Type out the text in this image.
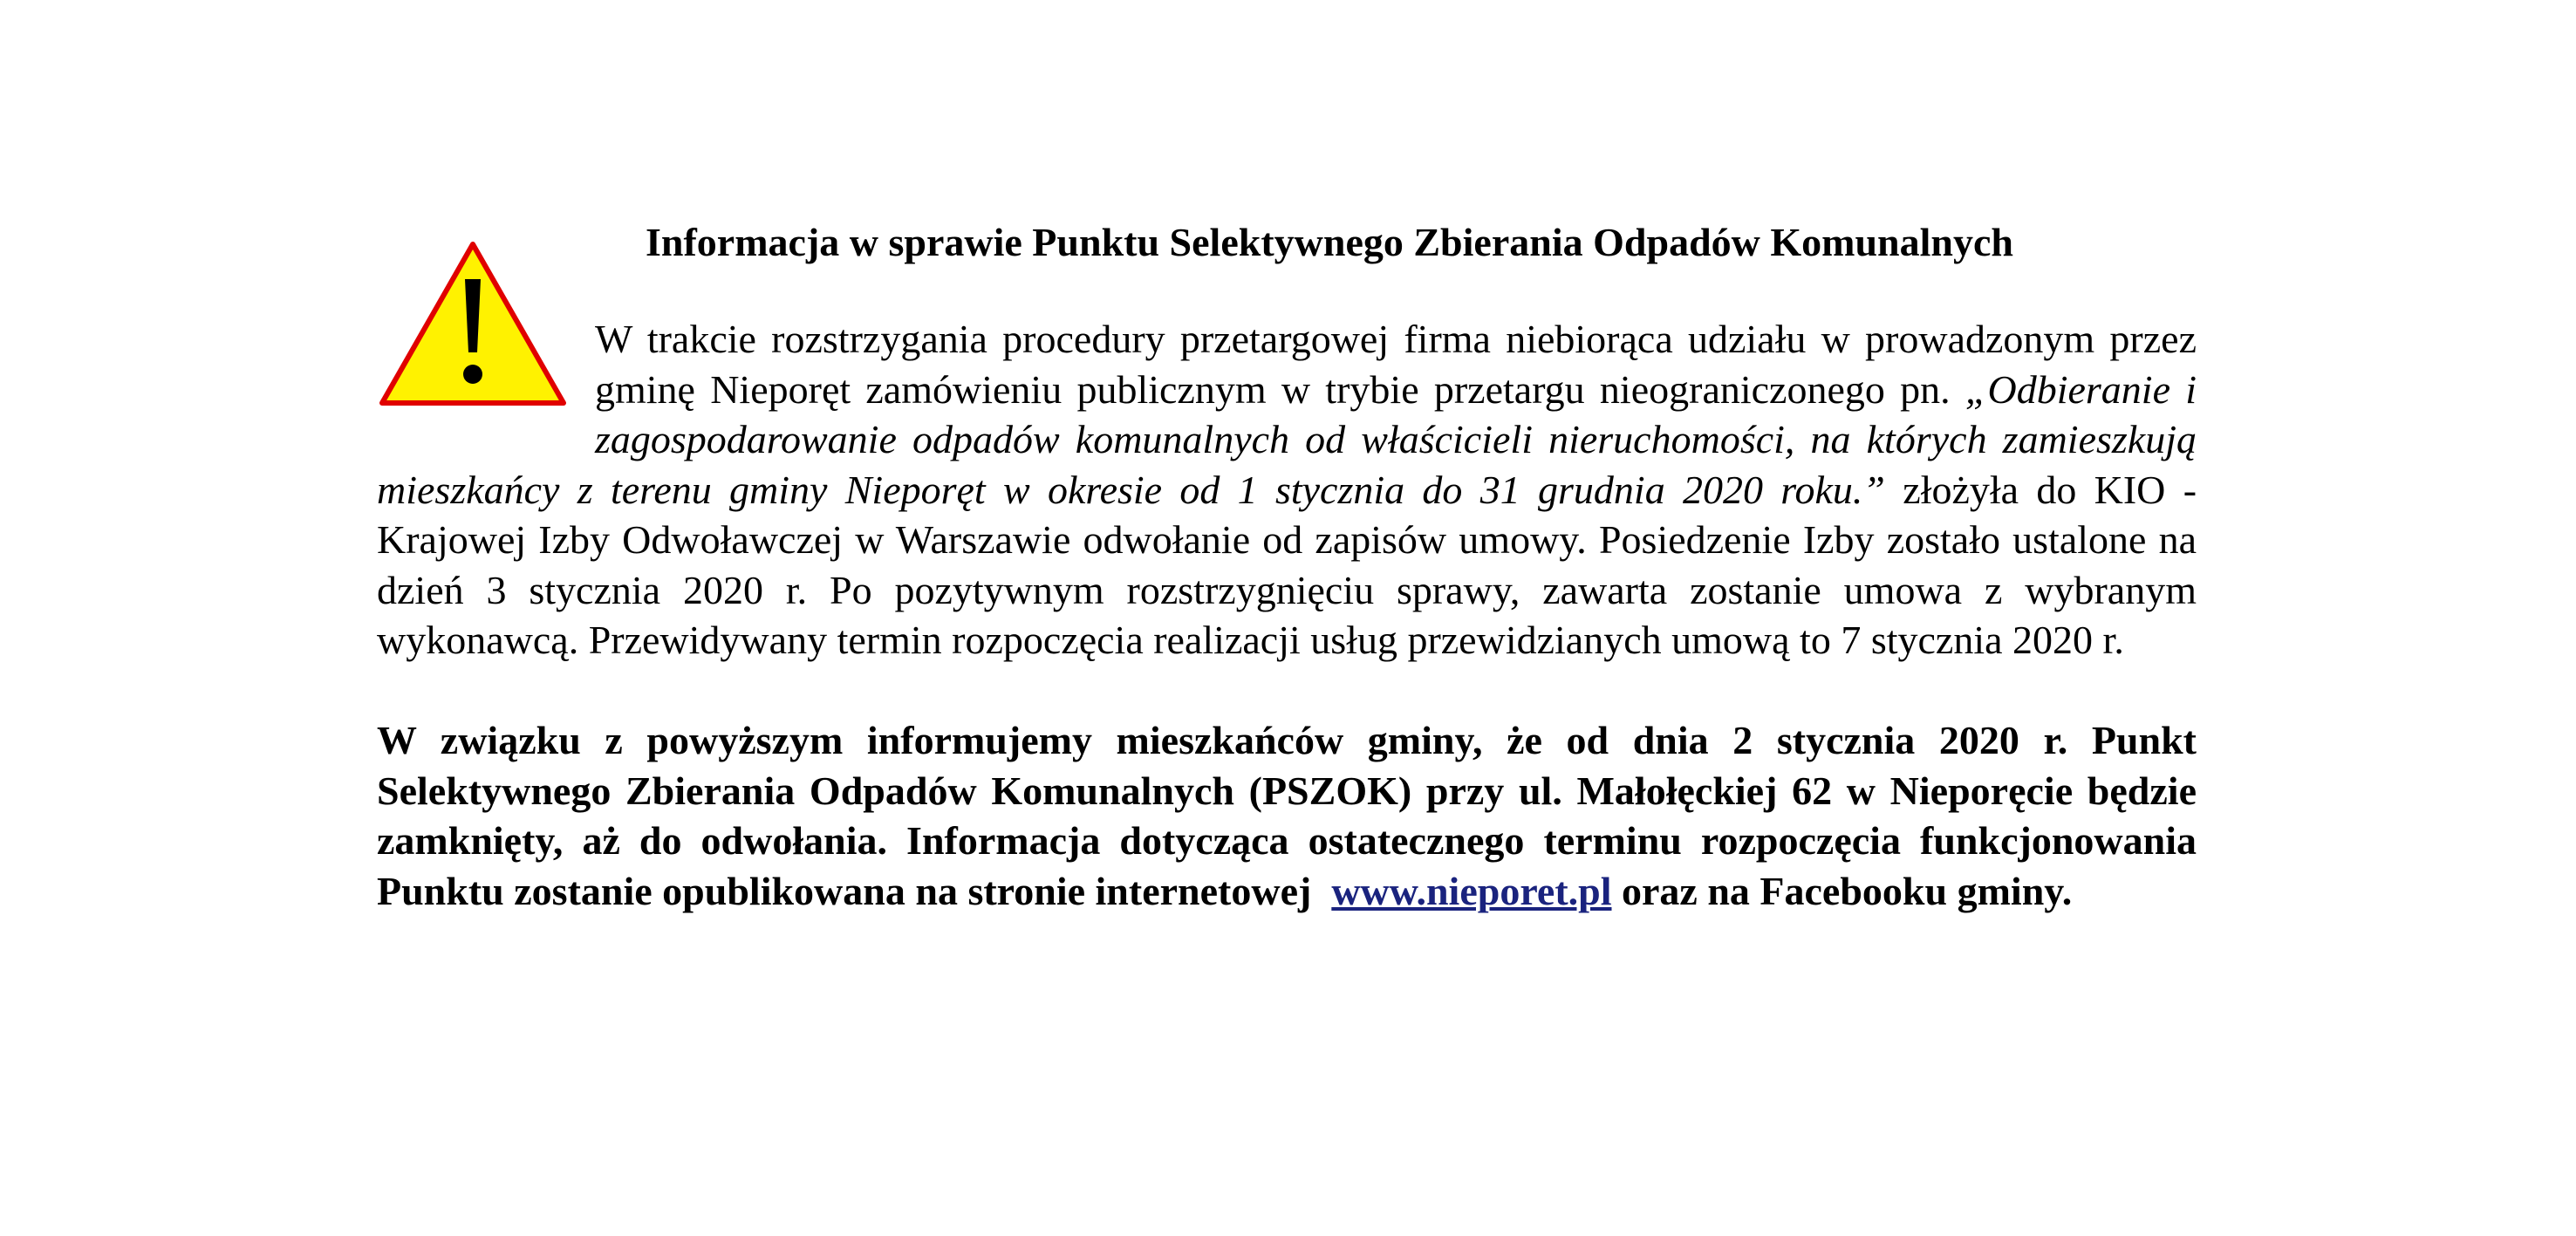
Informacja w sprawie Punktu Selektywnego Zbierania Odpadów Komunalnych

W trakcie rozstrzygania procedury przetargowej firma niebiorąca udziału w prowadzonym przez gminę Nieporęt zamówieniu publicznym w trybie przetargu nieograniczonego pn. „Odbieranie i zagospodarowanie odpadów komunalnych od właścicieli nieruchomości, na których zamieszkują mieszkańcy z terenu gminy Nieporęt w okresie od 1 stycznia do 31 grudnia 2020 roku.” złożyła do KIO - Krajowej Izby Odwoławczej w Warszawie odwołanie od zapisów umowy. Posiedzenie Izby zostało ustalone na dzień 3 stycznia 2020 r. Po pozytywnym rozstrzygnięciu sprawy, zawarta zostanie umowa z wybranym wykonawcą. Przewidywany termin rozpoczęcia realizacji usług przewidzianych umową to 7 stycznia 2020 r.

W związku z powyższym informujemy mieszkańców gminy, że od dnia 2 stycznia 2020 r. Punkt Selektywnego Zbierania Odpadów Komunalnych (PSZOK) przy ul. Małołęckiej 62 w Nieporęcie będzie zamknięty, aż do odwołania. Informacja dotycząca ostatecznego terminu rozpoczęcia funkcjonowania Punktu zostanie opublikowana na stronie internetowej www.nieporet.pl oraz na Facebooku gminy.
